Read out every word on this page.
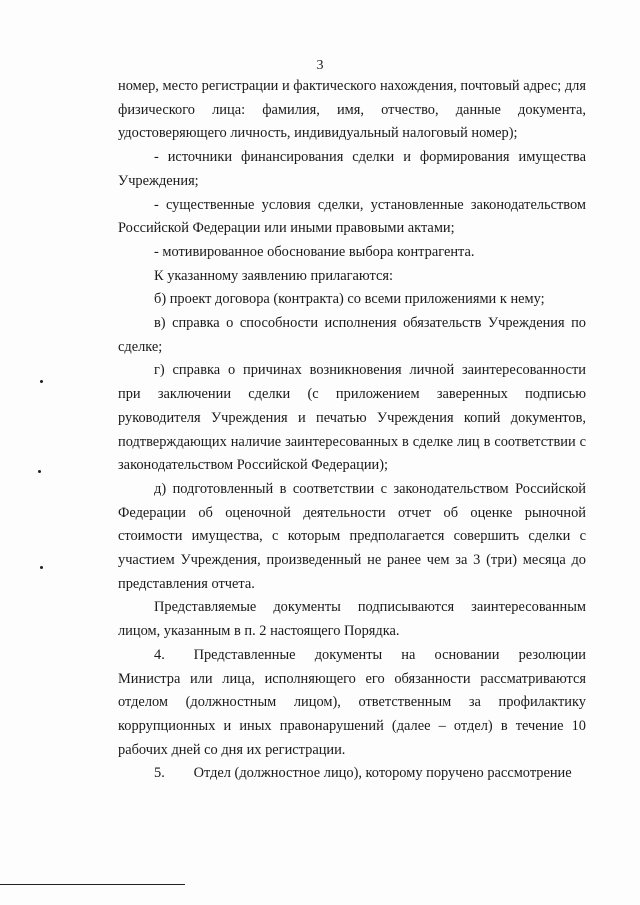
3

номер, место регистрации и фактического нахождения, почтовый адрес; для физического лица: фамилия, имя, отчество, данные документа, удостоверяющего личность, индивидуальный налоговый номер);

- источники финансирования сделки и формирования имущества Учреждения;

- существенные условия сделки, установленные законодательством Российской Федерации или иными правовыми актами;

- мотивированное обоснование выбора контрагента.

К указанному заявлению прилагаются:

б) проект договора (контракта) со всеми приложениями к нему;

в) справка о способности исполнения обязательств Учреждения по сделке;

г) справка о причинах возникновения личной заинтересованности при заключении сделки (с приложением заверенных подписью руководителя Учреждения и печатью Учреждения копий документов, подтверждающих наличие заинтересованных в сделке лиц в соответствии с законодательством Российской Федерации);

д) подготовленный в соответствии с законодательством Российской Федерации об оценочной деятельности отчет об оценке рыночной стоимости имущества, с которым предполагается совершить сделки с участием Учреждения, произведенный не ранее чем за 3 (три) месяца до представления отчета.

Представляемые документы подписываются заинтересованным лицом, указанным в п. 2 настоящего Порядка.

4.  Представленные документы на основании резолюции Министра или лица, исполняющего его обязанности рассматриваются отделом (должностным лицом), ответственным за профилактику коррупционных и иных правонарушений (далее – отдел) в течение 10 рабочих дней со дня их регистрации.

5.  Отдел (должностное лицо), которому поручено рассмотрение
